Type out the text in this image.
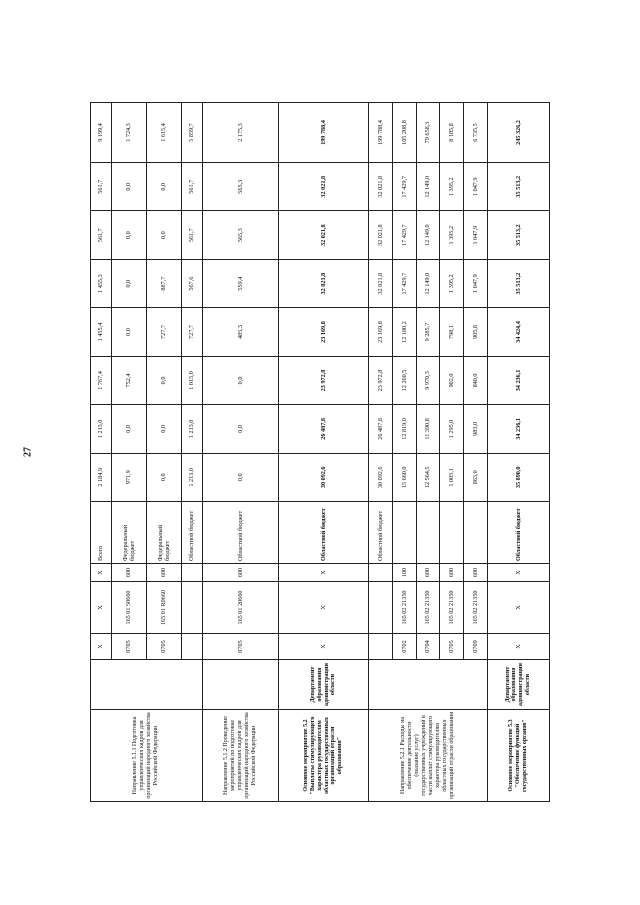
27
Направление 5.1.1 Подготовка управленческих кадров для организаций народного хозяйства Российской Федерации		X	X	X	Всего	2 184,9	1 213,0	1 767,4	1 455,4	1 455,3	561,7	561,7	9 199,4
		0705	165 01 50660	600	Федеральный бюджет	971,9	0,0	752,4	0,0	0,0	0,0	0,0	1 724,3
		0705	165 01 R0660	600	Федеральный бюджет	0,0	0,0	0,0	727,7	887,7	0,0	0,0	1 615,4
					Областной бюджет	1 213,0	1 213,0	1 015,0	727,7	567,6	561,7	561,7	5 859,7
Направление 5.1.2 Проведение мероприятий по подготовке управленческих кадров для организаций народного хозяйства Российской Федерации		0705	165 01 20660	600	Областной бюджет	0,0	0,0	0,0	485,3	559,4	565,3	565,3	2 175,3
Основное мероприятие 5.2 "Выплаты стимулирующего характера руководителям областных государственных организаций отрасли образования"	Департамент образования администрации области	X	X	X	Областной бюджет	30 092,6	26 487,8	23 972,8	23 169,8	32 021,8	32 021,8	32 021,8	199 788,4
Направление 5.2.1 Расходы на обеспечение деятельности (оказание услуг) государственных учреждений в части выплат стимулирующего характера руководителям областных государственных организаций отрасли образования					Областной бюджет	30 092,6	26 487,8	23 972,8	23 169,8	32 021,8	32 021,8	32 021,8	199 788,4
		0702	165 02 21350	100		15 660,0	12 819,0	12 260,5	12 180,2	17 429,7	17 429,7	17 429,7	105 208,8
		0704	165 02 21350	600		12 564,5	11 390,8	9 970,3	9 285,7	12 149,0	12 149,0	12 149,0	79 658,3
		0705	165 02 21350	600		1 005,1	1 295,0	902,0	798,1	1 395,2	1 395,2	1 395,2	8 185,8
		0709	165 02 21350	600		863,0	983,0	840,0	905,8	1 047,9	1 047,9	1 047,9	6 735,5
Основное мероприятие 5.3 "Обеспечение функций государственных органов"	Департамент образования администрации области	X	X	X	Областной бюджет	35 890,0	34 236,1	34 236,1	34 424,4	35 513,2	35 513,2	35 513,2	245 326,2
